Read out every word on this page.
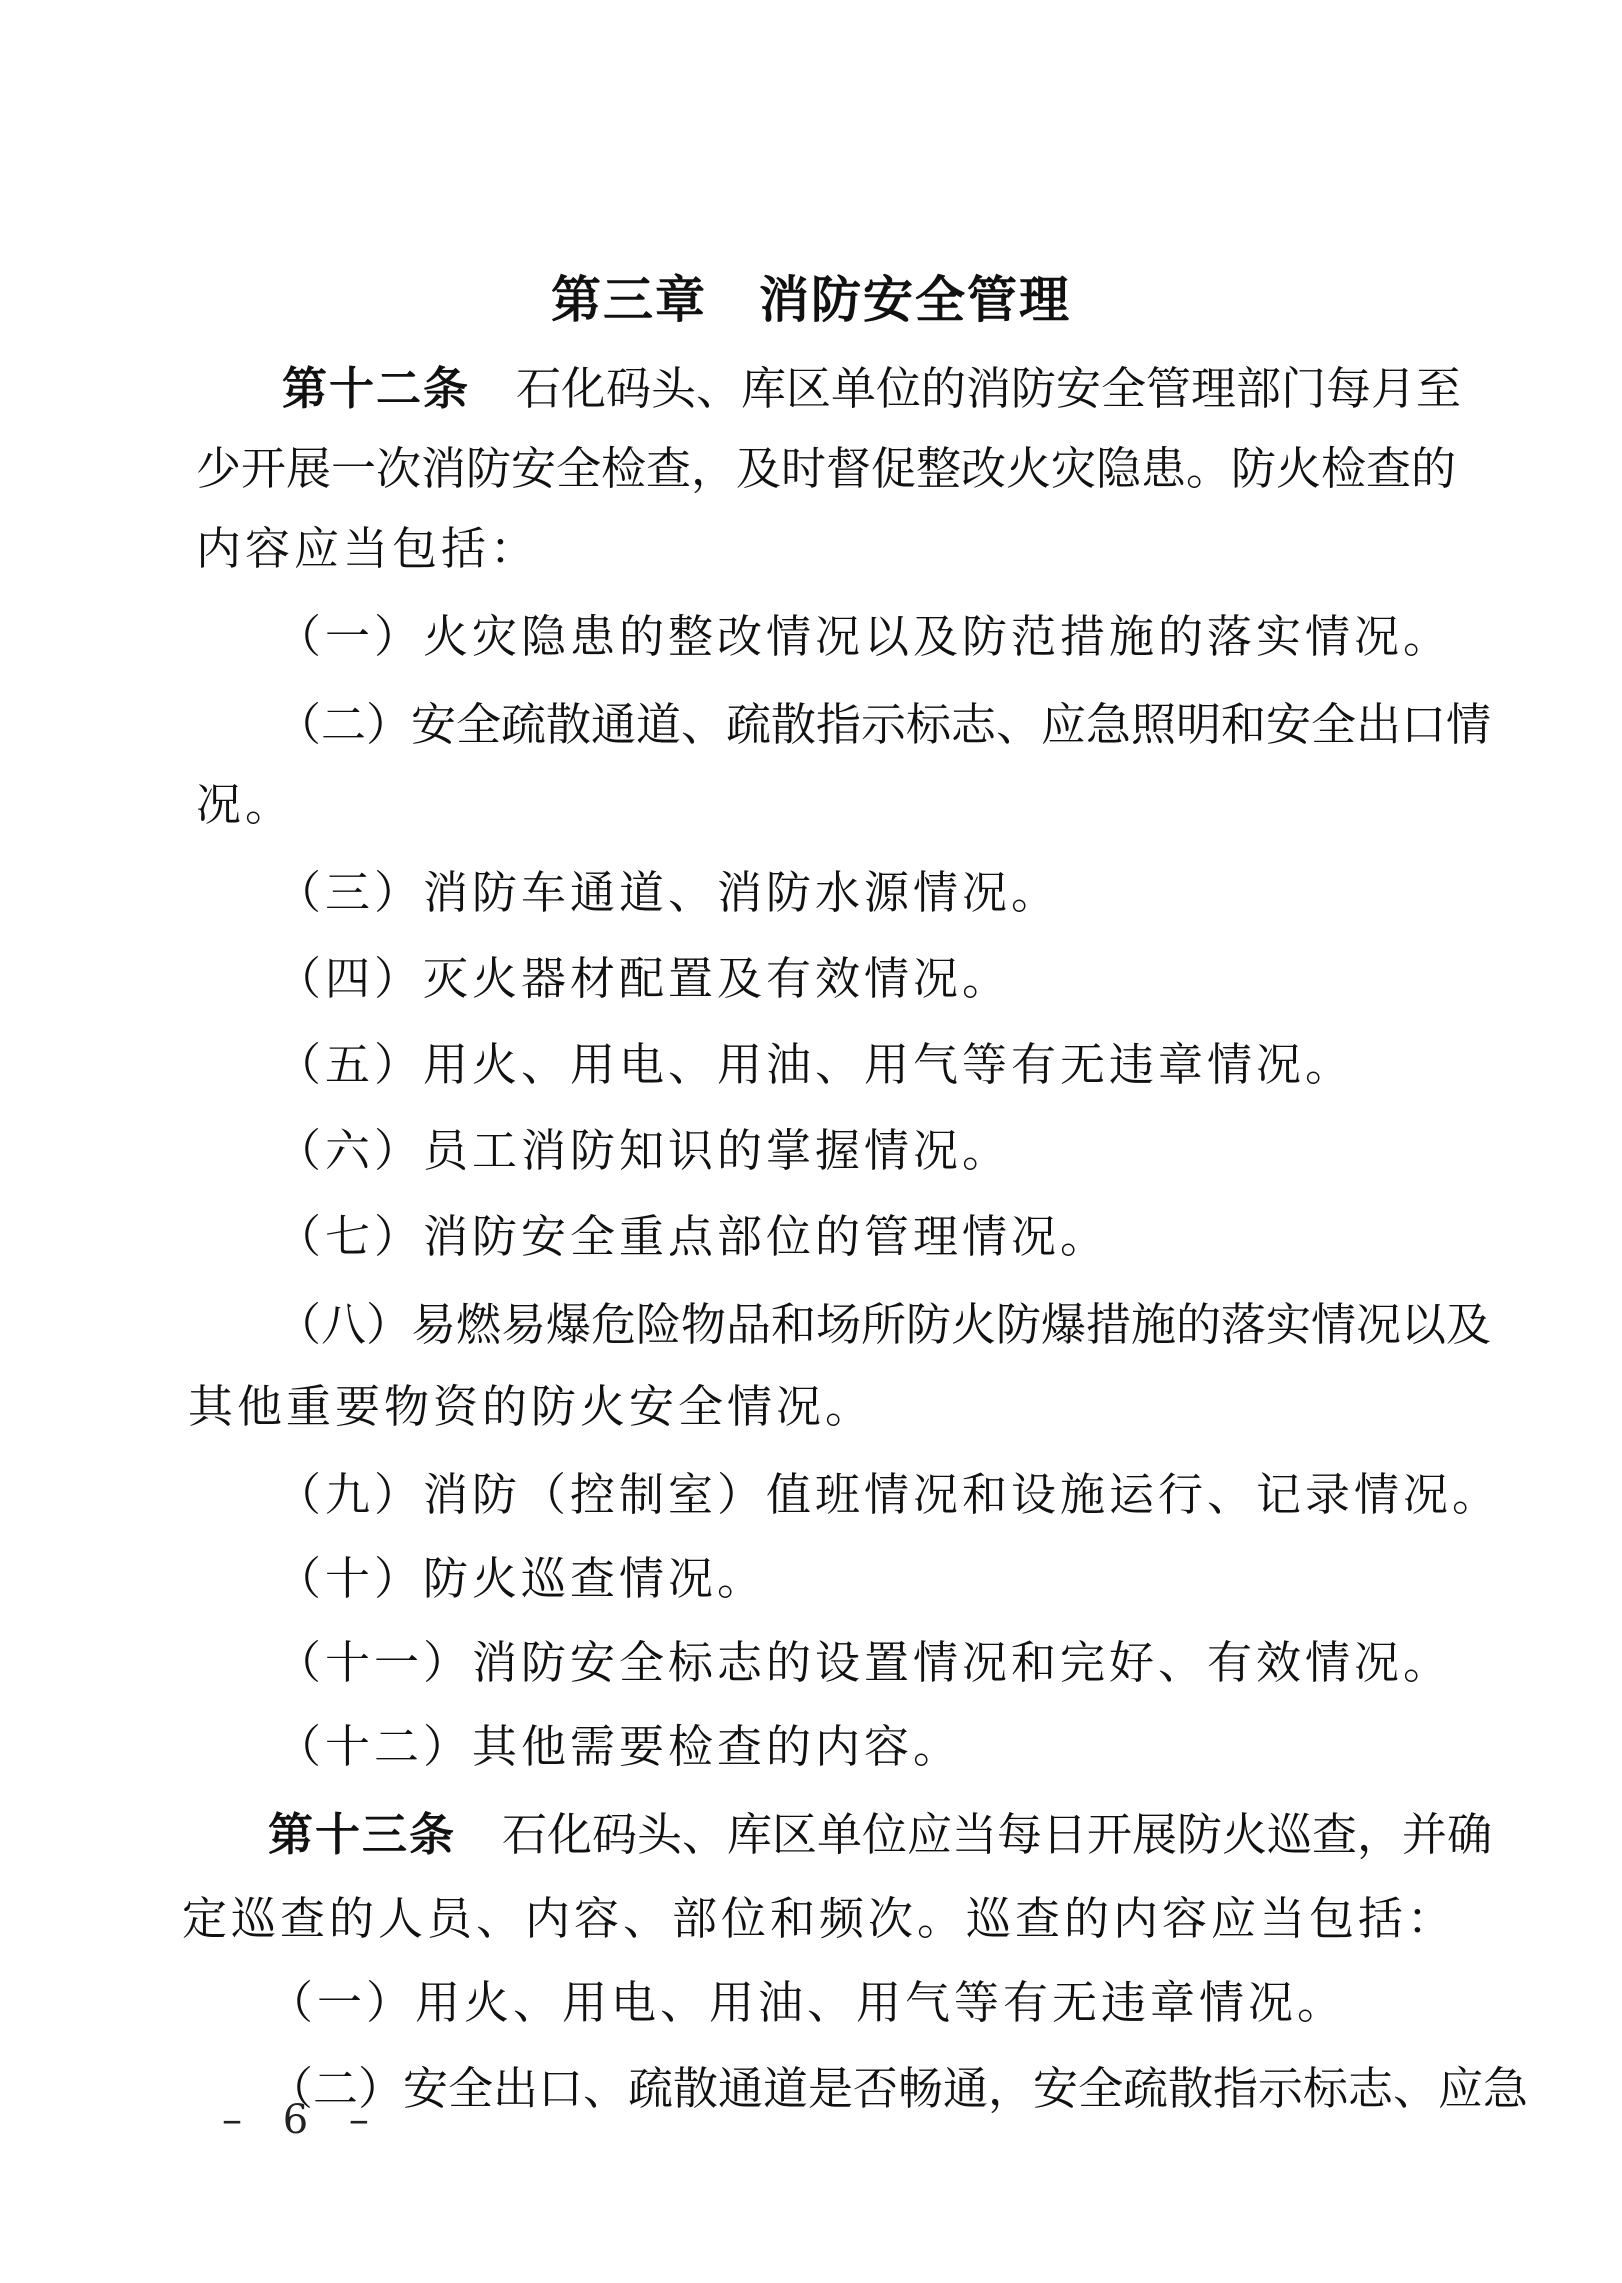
第三章 消防安全管理
第十二条 石化码头、库区单位的消防安全管理部门每月至
少开展一次消防安全检查，及时督促整改火灾隐患。防火检查的
内容应当包括：
（一）火灾隐患的整改情况以及防范措施的落实情况。
（二）安全疏散通道、疏散指示标志、应急照明和安全出口情
况。
（三）消防车通道、消防水源情况。
（四）灭火器材配置及有效情况。
（五）用火、用电、用油、用气等有无违章情况。
（六）员工消防知识的掌握情况。
（七）消防安全重点部位的管理情况。
（八）易燃易爆危险物品和场所防火防爆措施的落实情况以及
其他重要物资的防火安全情况。
（九）消防（控制室）值班情况和设施运行、记录情况。
（十）防火巡查情况。
（十一）消防安全标志的设置情况和完好、有效情况。
（十二）其他需要检查的内容。
第十三条 石化码头、库区单位应当每日开展防火巡查，并确
定巡查的人员、内容、部位和频次。巡查的内容应当包括：
（一）用火、用电、用油、用气等有无违章情况。
（二）安全出口、疏散通道是否畅通，安全疏散指示标志、应急
– 6 –
